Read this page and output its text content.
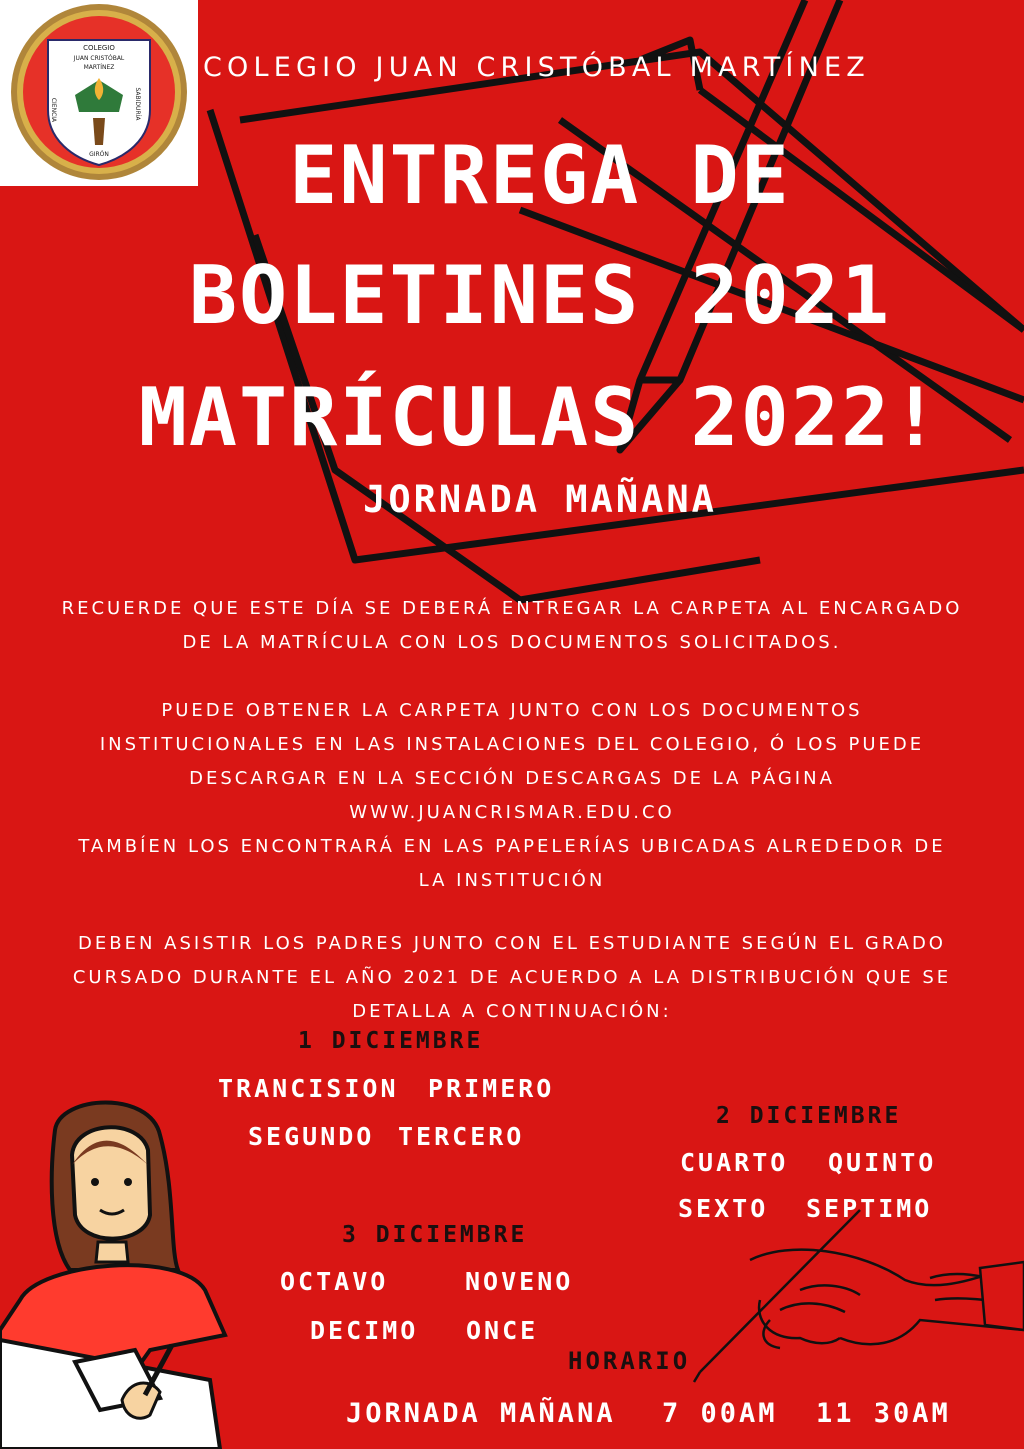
COLEGIO
JUAN CRISTÓBAL
MARTÍNEZ
CIENCIA	SABIDURÍA
GIRÓN
COLEGIO JUAN CRISTÓBAL MARTÍNEZ
ENTREGA DE
BOLETINES 2021
MATRÍCULAS 2022!
JORNADA MAÑANA
RECUERDE QUE ESTE DÍA SE DEBERÁ ENTREGAR LA CARPETA AL ENCARGADO
DE LA MATRÍCULA CON LOS DOCUMENTOS SOLICITADOS.
PUEDE OBTENER LA CARPETA JUNTO CON LOS DOCUMENTOS
INSTITUCIONALES EN LAS INSTALACIONES DEL COLEGIO, Ó LOS PUEDE
DESCARGAR EN LA SECCIÓN DESCARGAS DE LA PÁGINA
WWW.JUANCRISMAR.EDU.CO
TAMBÍEN LOS ENCONTRARÁ EN LAS PAPELERÍAS UBICADAS ALREDEDOR DE
LA INSTITUCIÓN
DEBEN ASISTIR LOS PADRES JUNTO CON EL ESTUDIANTE SEGÚN EL GRADO
CURSADO DURANTE EL AÑO 2021 DE ACUERDO A LA DISTRIBUCIÓN QUE SE
DETALLA A CONTINUACIÓN:
1 DICIEMBRE
TRANCISION PRIMERO
SEGUNDO TERCERO
2 DICIEMBRE
CUARTO QUINTO
SEXTO SEPTIMO
3 DICIEMBRE
OCTAVO	NOVENO
DECIMO ONCE
HORARIO
JORNADA MAÑANA 7 00AM 11 30AM
